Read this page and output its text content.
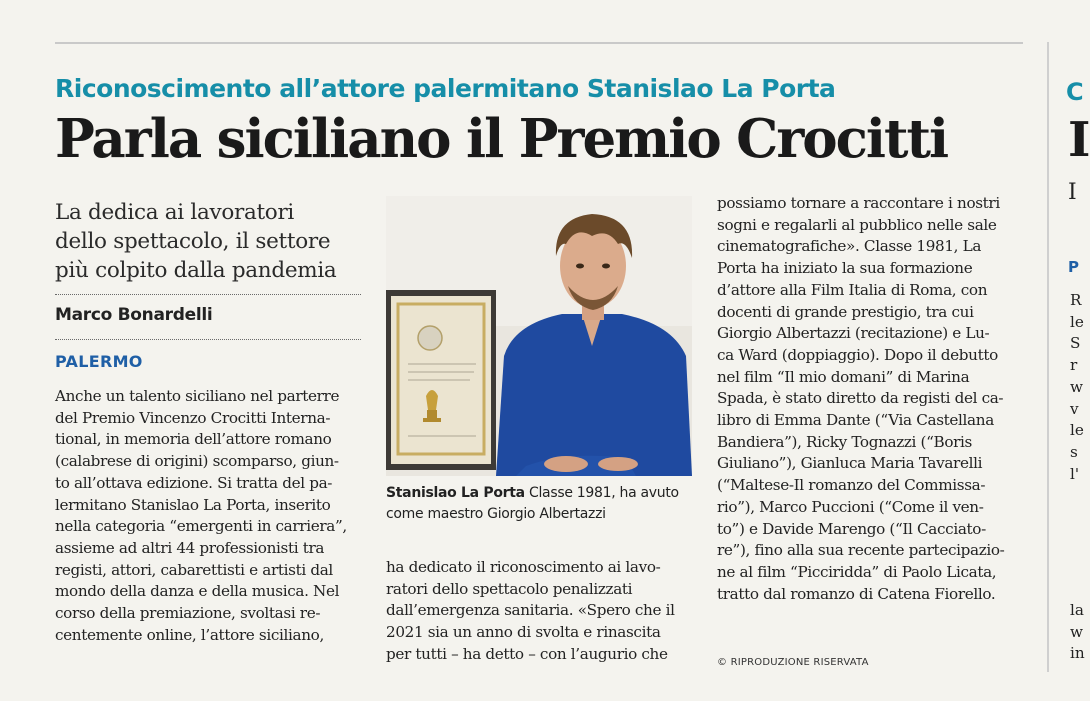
Riconoscimento all’attore palermitano Stanislao La Porta
Parla siciliano il Premio Crocitti
La dedica ai lavoratori
dello spettacolo, il settore
più colpito dalla pandemia
Marco Bonardelli
PALERMO
Anche un talento siciliano nel parterre
del Premio Vincenzo Crocitti Interna-
tional, in memoria dell’attore romano
(calabrese di origini) scomparso, giun-
to all’ottava edizione. Si tratta del pa-
lermitano Stanislao La Porta, inserito
nella categoria “emergenti in carriera”,
assieme ad altri 44 professionisti tra
registi, attori, cabarettisti e artisti dal
mondo della danza e della musica. Nel
corso della premiazione, svoltasi re-
centemente online, l’attore siciliano,
Stanislao La Porta Classe 1981, ha avuto come maestro Giorgio Albertazzi
ha dedicato il riconoscimento ai lavo-
ratori dello spettacolo penalizzati
dall’emergenza sanitaria. «Spero che il
2021 sia un anno di svolta e rinascita
per tutti – ha detto – con l’augurio che
possiamo tornare a raccontare i nostri
sogni e regalarli al pubblico nelle sale
cinematografiche». Classe 1981, La
Porta ha iniziato la sua formazione
d’attore alla Film Italia di Roma, con
docenti di grande prestigio, tra cui
Giorgio Albertazzi (recitazione) e Lu-
ca Ward (doppiaggio). Dopo il debutto
nel film “Il mio domani” di Marina
Spada, è stato diretto da registi del ca-
libro di Emma Dante (“Via Castellana
Bandiera”), Ricky Tognazzi (“Boris
Giuliano”), Gianluca Maria Tavarelli
(“Maltese-Il romanzo del Commissa-
rio”), Marco Puccioni (“Come il ven-
to”) e Davide Marengo (“Il Cacciato-
re”), fino alla sua recente partecipazio-
ne al film “Picciridda” di Paolo Licata,
tratto dal romanzo di Catena Fiorello.
© RIPRODUZIONE RISERVATA
C
I
I
P
R
le
S
r
w
v
le
s
l'
la
w
in
